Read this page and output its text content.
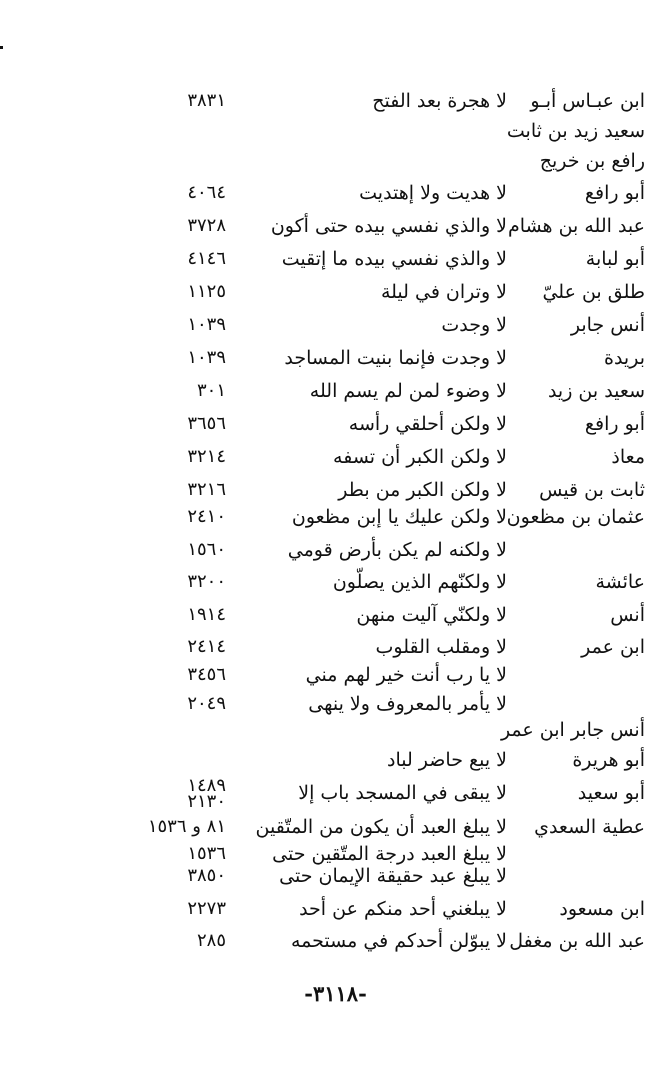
ابن عبـاس أبـو
لا هجرة بعد الفتح
٣٨٣١
سعيد زيد بن ثابت
رافع بن خريج
أبو رافع
لا هديت ولا إهتديت
٤٠٦٤
عبد الله بن هشام
لا والذي نفسي بيده حتى أكون
٣٧٢٨
أبو لبابة
لا والذي نفسي بيده ما إتقيت
٤١٤٦
طلق بن عليّ
لا وتران في ليلة
١١٢٥
أنس جابر
لا وجدت
١٠٣٩
بريدة
لا وجدت فإنما بنيت المساجد
١٠٣٩
سعيد بن زيد
لا وضوء لمن لم يسم الله
٣٠١
أبو رافع
لا ولكن أحلقي رأسه
٣٦٥٦
معاذ
لا ولكن الكبر أن تسفه
٣٢١٤
ثابت بن قيس
لا ولكن الكبر من بطر
٣٢١٦
عثمان بن مظعون
لا ولكن عليك يا إبن مظعون
٢٤١٠
لا ولكنه لم يكن بأرض قومي
١٥٦٠
عائشة
لا ولكنّهم الذين يصلّون
٣٢٠٠
أنس
لا ولكنّي آليت منهن
١٩١٤
ابن عمر
لا ومقلب القلوب
٢٤١٤
لا يا رب أنت خير لهم مني
٣٤٥٦
لا يأمر بالمعروف ولا ينهى
٢٠٤٩
أنس جابر ابن عمر
أبو هريرة
لا يبع حاضر لباد
أبو سعيد
لا يبقى في المسجد باب إلا
١٤٨٩
٢١٣٠
عطية السعدي
لا يبلغ العبد أن يكون من المتّقين
٨١ و ١٥٣٦
لا يبلغ العبد درجة المتّقين حتى
١٥٣٦
لا يبلغ عبد حقيقة الإيمان حتى
٣٨٥٠
ابن مسعود
لا يبلغني أحد منكم عن أحد
٢٢٧٣
عبد الله بن مغفل
لا يبوّلن أحدكم في مستحمه
٢٨٥
-٣١١٨-
